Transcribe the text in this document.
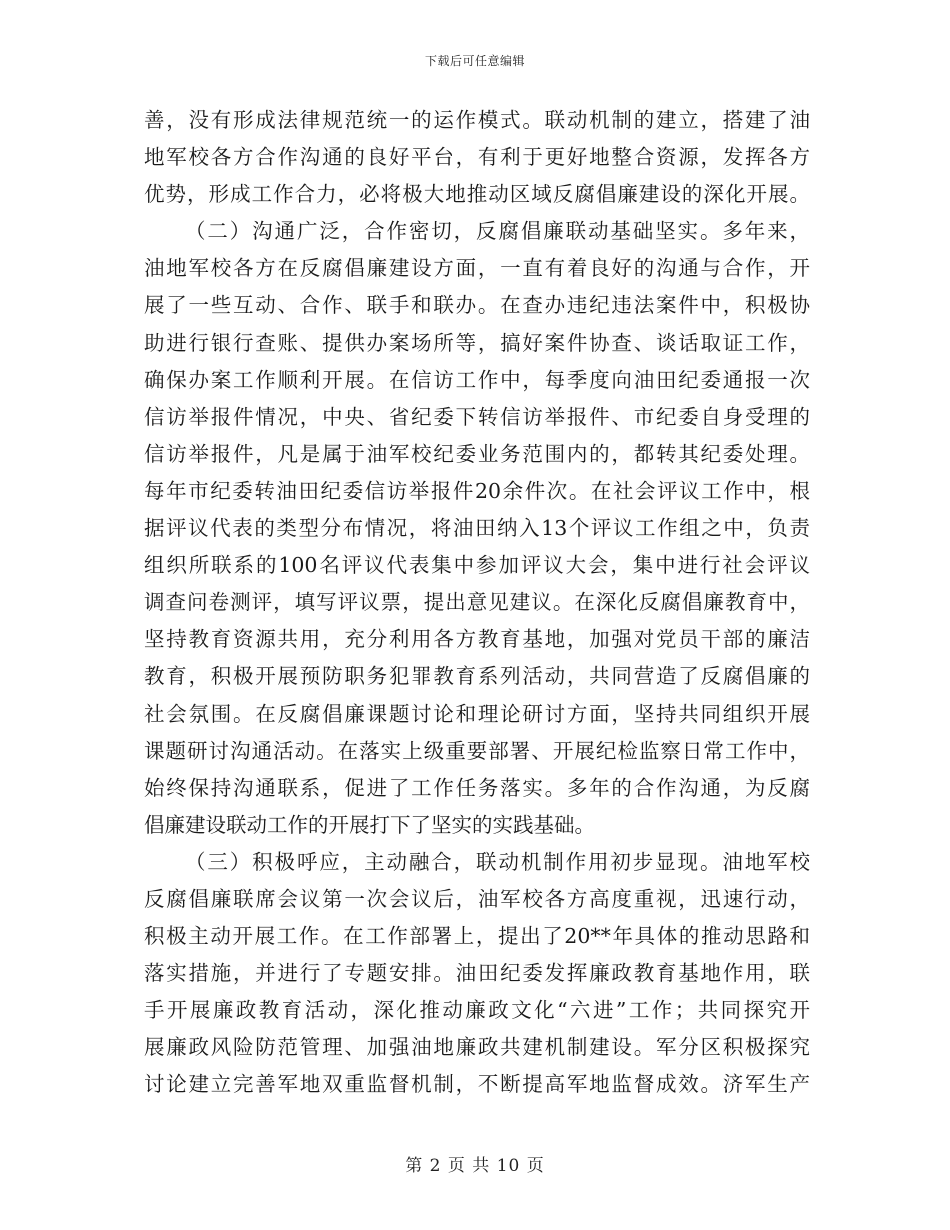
下载后可任意编辑
善，没有形成法律规范统一的运作模式。联动机制的建立，搭建了油
地军校各方合作沟通的良好平台，有利于更好地整合资源，发挥各方
优势，形成工作合力，必将极大地推动区域反腐倡廉建设的深化开展。
（二）沟通广泛，合作密切，反腐倡廉联动基础坚实。多年来，
油地军校各方在反腐倡廉建设方面，一直有着良好的沟通与合作，开
展了一些互动、合作、联手和联办。在查办违纪违法案件中，积极协
助进行银行查账、提供办案场所等，搞好案件协查、谈话取证工作，
确保办案工作顺利开展。在信访工作中，每季度向油田纪委通报一次
信访举报件情况，中央、省纪委下转信访举报件、市纪委自身受理的
信访举报件，凡是属于油军校纪委业务范围内的，都转其纪委处理。
每年市纪委转油田纪委信访举报件20余件次。在社会评议工作中，根
据评议代表的类型分布情况，将油田纳入13个评议工作组之中，负责
组织所联系的100名评议代表集中参加评议大会，集中进行社会评议
调查问卷测评，填写评议票，提出意见建议。在深化反腐倡廉教育中，
坚持教育资源共用，充分利用各方教育基地，加强对党员干部的廉洁
教育，积极开展预防职务犯罪教育系列活动，共同营造了反腐倡廉的
社会氛围。在反腐倡廉课题讨论和理论研讨方面，坚持共同组织开展
课题研讨沟通活动。在落实上级重要部署、开展纪检监察日常工作中，
始终保持沟通联系，促进了工作任务落实。多年的合作沟通，为反腐
倡廉建设联动工作的开展打下了坚实的实践基础。
（三）积极呼应，主动融合，联动机制作用初步显现。油地军校
反腐倡廉联席会议第一次会议后，油军校各方高度重视，迅速行动，
积极主动开展工作。在工作部署上，提出了20**年具体的推动思路和
落实措施，并进行了专题安排。油田纪委发挥廉政教育基地作用，联
手开展廉政教育活动，深化推动廉政文化“六进”工作；共同探究开
展廉政风险防范管理、加强油地廉政共建机制建设。军分区积极探究
讨论建立完善军地双重监督机制，不断提高军地监督成效。济军生产
第 2 页 共 10 页
